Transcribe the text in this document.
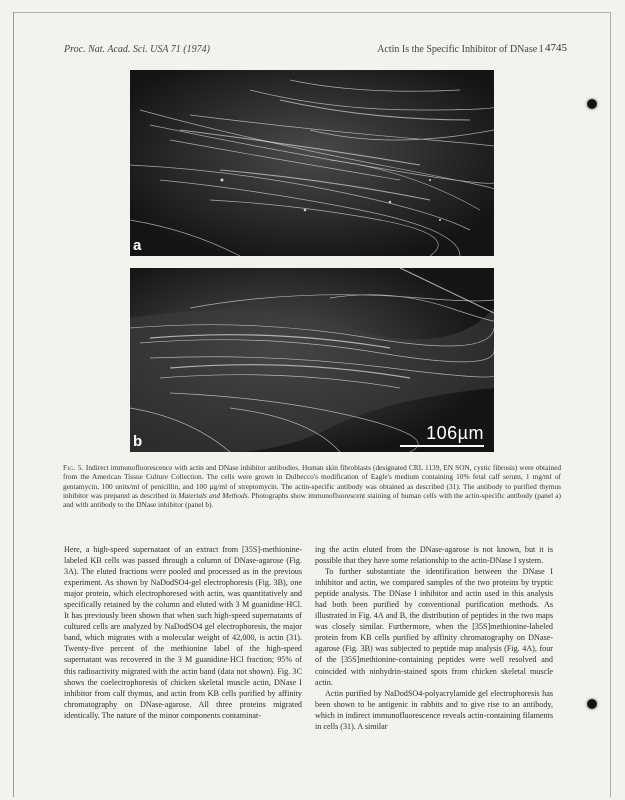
Proc. Nat. Acad. Sci. USA 71 (1974)	Actin Is the Specific Inhibitor of DNase I 4745
a
b	106µm
Fig. 5. Indirect immunofluorescence with actin and DNase inhibitor antibodies. Human skin fibroblasts (designated CRL 1139, EN SON, cystic fibrosis) were obtained from the American Tissue Culture Collection. The cells were grown in Dulbecco's modification of Eagle's medium containing 10% fetal calf serum, 1 mg/ml of gentamycin, 100 units/ml of penicillin, and 100 µg/ml of streptomycin. The actin-specific antibody was obtained as described (31). The antibody to purified thymus inhibitor was prepared as described in Materials and Methods. Photographs show immunofluorescent staining of human cells with the actin-specific antibody (panel a) and with antibody to the DNase inhibitor (panel b).

Here, a high-speed supernatant of an extract from [35S]-methionine-labeled KB cells was passed through a column of DNase-agarose (Fig. 3A). The eluted fractions were pooled and processed as in the previous experiment. As shown by NaDodSO4-gel electrophoresis (Fig. 3B), one major protein, which electrophoresed with actin, was quantitatively and specifically retained by the column and eluted with 3 M guanidine·HCl. It has previously been shown that when such high-speed supernatants of cultured cells are analyzed by NaDodSO4 gel electrophoresis, the major band, which migrates with a molecular weight of 42,000, is actin (31). Twenty-five percent of the methionine label of the high-speed supernatant was recovered in the 3 M guanidine·HCl fraction; 95% of this radioactivity migrated with the actin band (data not shown). Fig. 3C shows the coelectrophoresis of chicken skeletal muscle actin, DNase I inhibitor from calf thymus, and actin from KB cells purified by affinity chromatography on DNase-agarose. All three proteins migrated identically. The nature of the minor components contaminat-

ing the actin eluted from the DNase-agarose is not known, but it is possible that they have some relationship to the actin-DNase I system.

To further substantiate the identification between the DNase I inhibitor and actin, we compared samples of the two proteins by tryptic peptide analysis. The DNase I inhibitor and actin used in this analysis had both been purified by conventional purification methods. As illustrated in Fig. 4A and B, the distribution of peptides in the two maps was closely similar. Furthermore, when the [35S]methionine-labeled protein from KB cells purified by affinity chromatography on DNase-agarose (Fig. 3B) was subjected to peptide map analysis (Fig. 4A), four of the [35S]methionine-containing peptides were well resolved and coincided with ninhydrin-stained spots from chicken skeletal muscle actin.

Actin purified by NaDodSO4-polyacrylamide gel electrophoresis has been shown to be antigenic in rabbits and to give rise to an antibody, which in indirect immunofluorescence reveals actin-containing filaments in cells (31). A similar
